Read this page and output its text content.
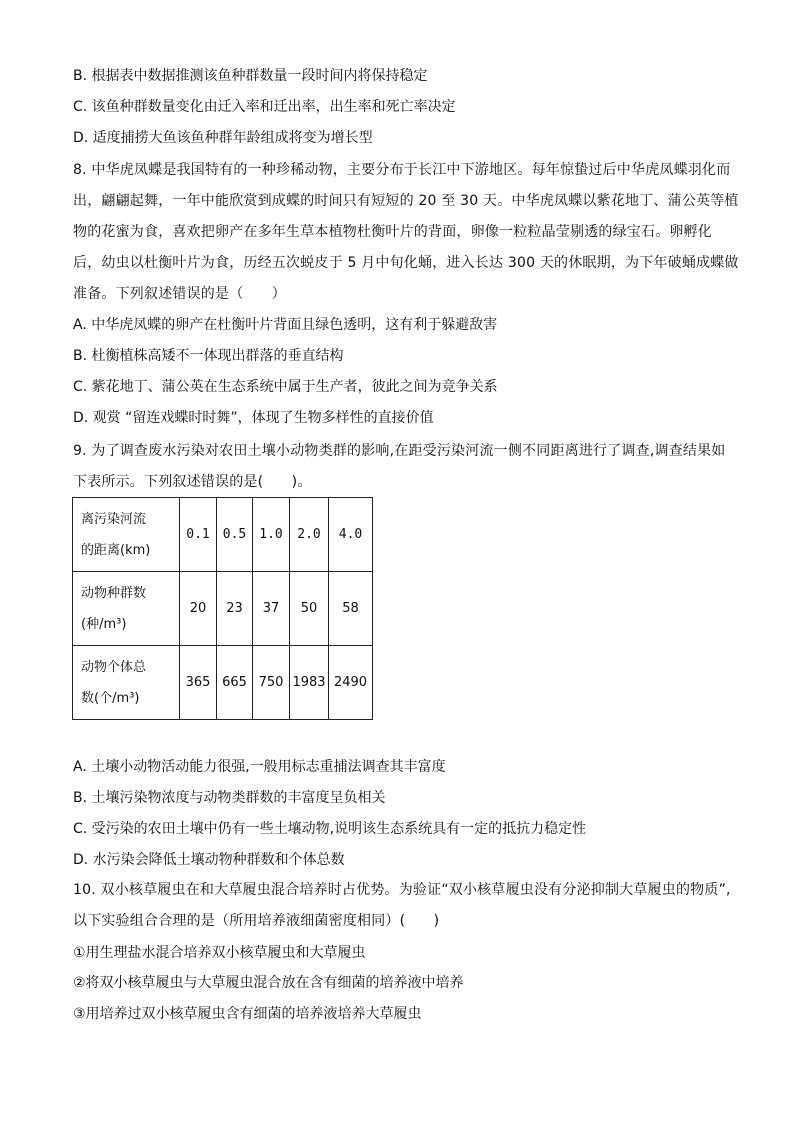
B. 根据表中数据推测该鱼种群数量一段时间内将保持稳定
C. 该鱼种群数量变化由迁入率和迁出率，出生率和死亡率决定
D. 适度捕捞大鱼该鱼种群年龄组成将变为增长型
8. 中华虎凤蝶是我国特有的一种珍稀动物，主要分布于长江中下游地区。每年惊蛰过后中华虎凤蝶羽化而
出，翩翩起舞，一年中能欣赏到成蝶的时间只有短短的 20 至 30 天。中华虎凤蝶以紫花地丁、蒲公英等植
物的花蜜为食，喜欢把卵产在多年生草本植物杜衡叶片的背面，卵像一粒粒晶莹剔透的绿宝石。卵孵化
后，幼虫以杜衡叶片为食，历经五次蜕皮于 5 月中旬化蛹，进入长达 300 天的休眠期，为下年破蛹成蝶做
准备。下列叙述错误的是（　　）
A. 中华虎凤蝶的卵产在杜衡叶片背面且绿色透明，这有利于躲避敌害
B. 杜衡植株高矮不一体现出群落的垂直结构
C. 紫花地丁、蒲公英在生态系统中属于生产者，彼此之间为竞争关系
D. 观赏 “留连戏蝶时时舞”，体现了生物多样性的直接价值
9. 为了调查废水污染对农田土壤小动物类群的影响,在距受污染河流一侧不同距离进行了调查,调查结果如
下表所示。下列叙述错误的是(　　)。
离污染河流
的距离(km)	0.1	0.5	1.0	2.0	4.0

动物种群数
(种/m³)	20	23	37	50	58

动物个体总
数(个/m³)	365	665	750	1983	2490
A. 土壤小动物活动能力很强,一般用标志重捕法调查其丰富度
B. 土壤污染物浓度与动物类群数的丰富度呈负相关
C. 受污染的农田土壤中仍有一些土壤动物,说明该生态系统具有一定的抵抗力稳定性
D. 水污染会降低土壤动物种群数和个体总数
10. 双小核草履虫在和大草履虫混合培养时占优势。为验证“双小核草履虫没有分泌抑制大草履虫的物质”,
以下实验组合合理的是（所用培养液细菌密度相同）(　　)
①用生理盐水混合培养双小核草履虫和大草履虫
②将双小核草履虫与大草履虫混合放在含有细菌的培养液中培养
③用培养过双小核草履虫含有细菌的培养液培养大草履虫
